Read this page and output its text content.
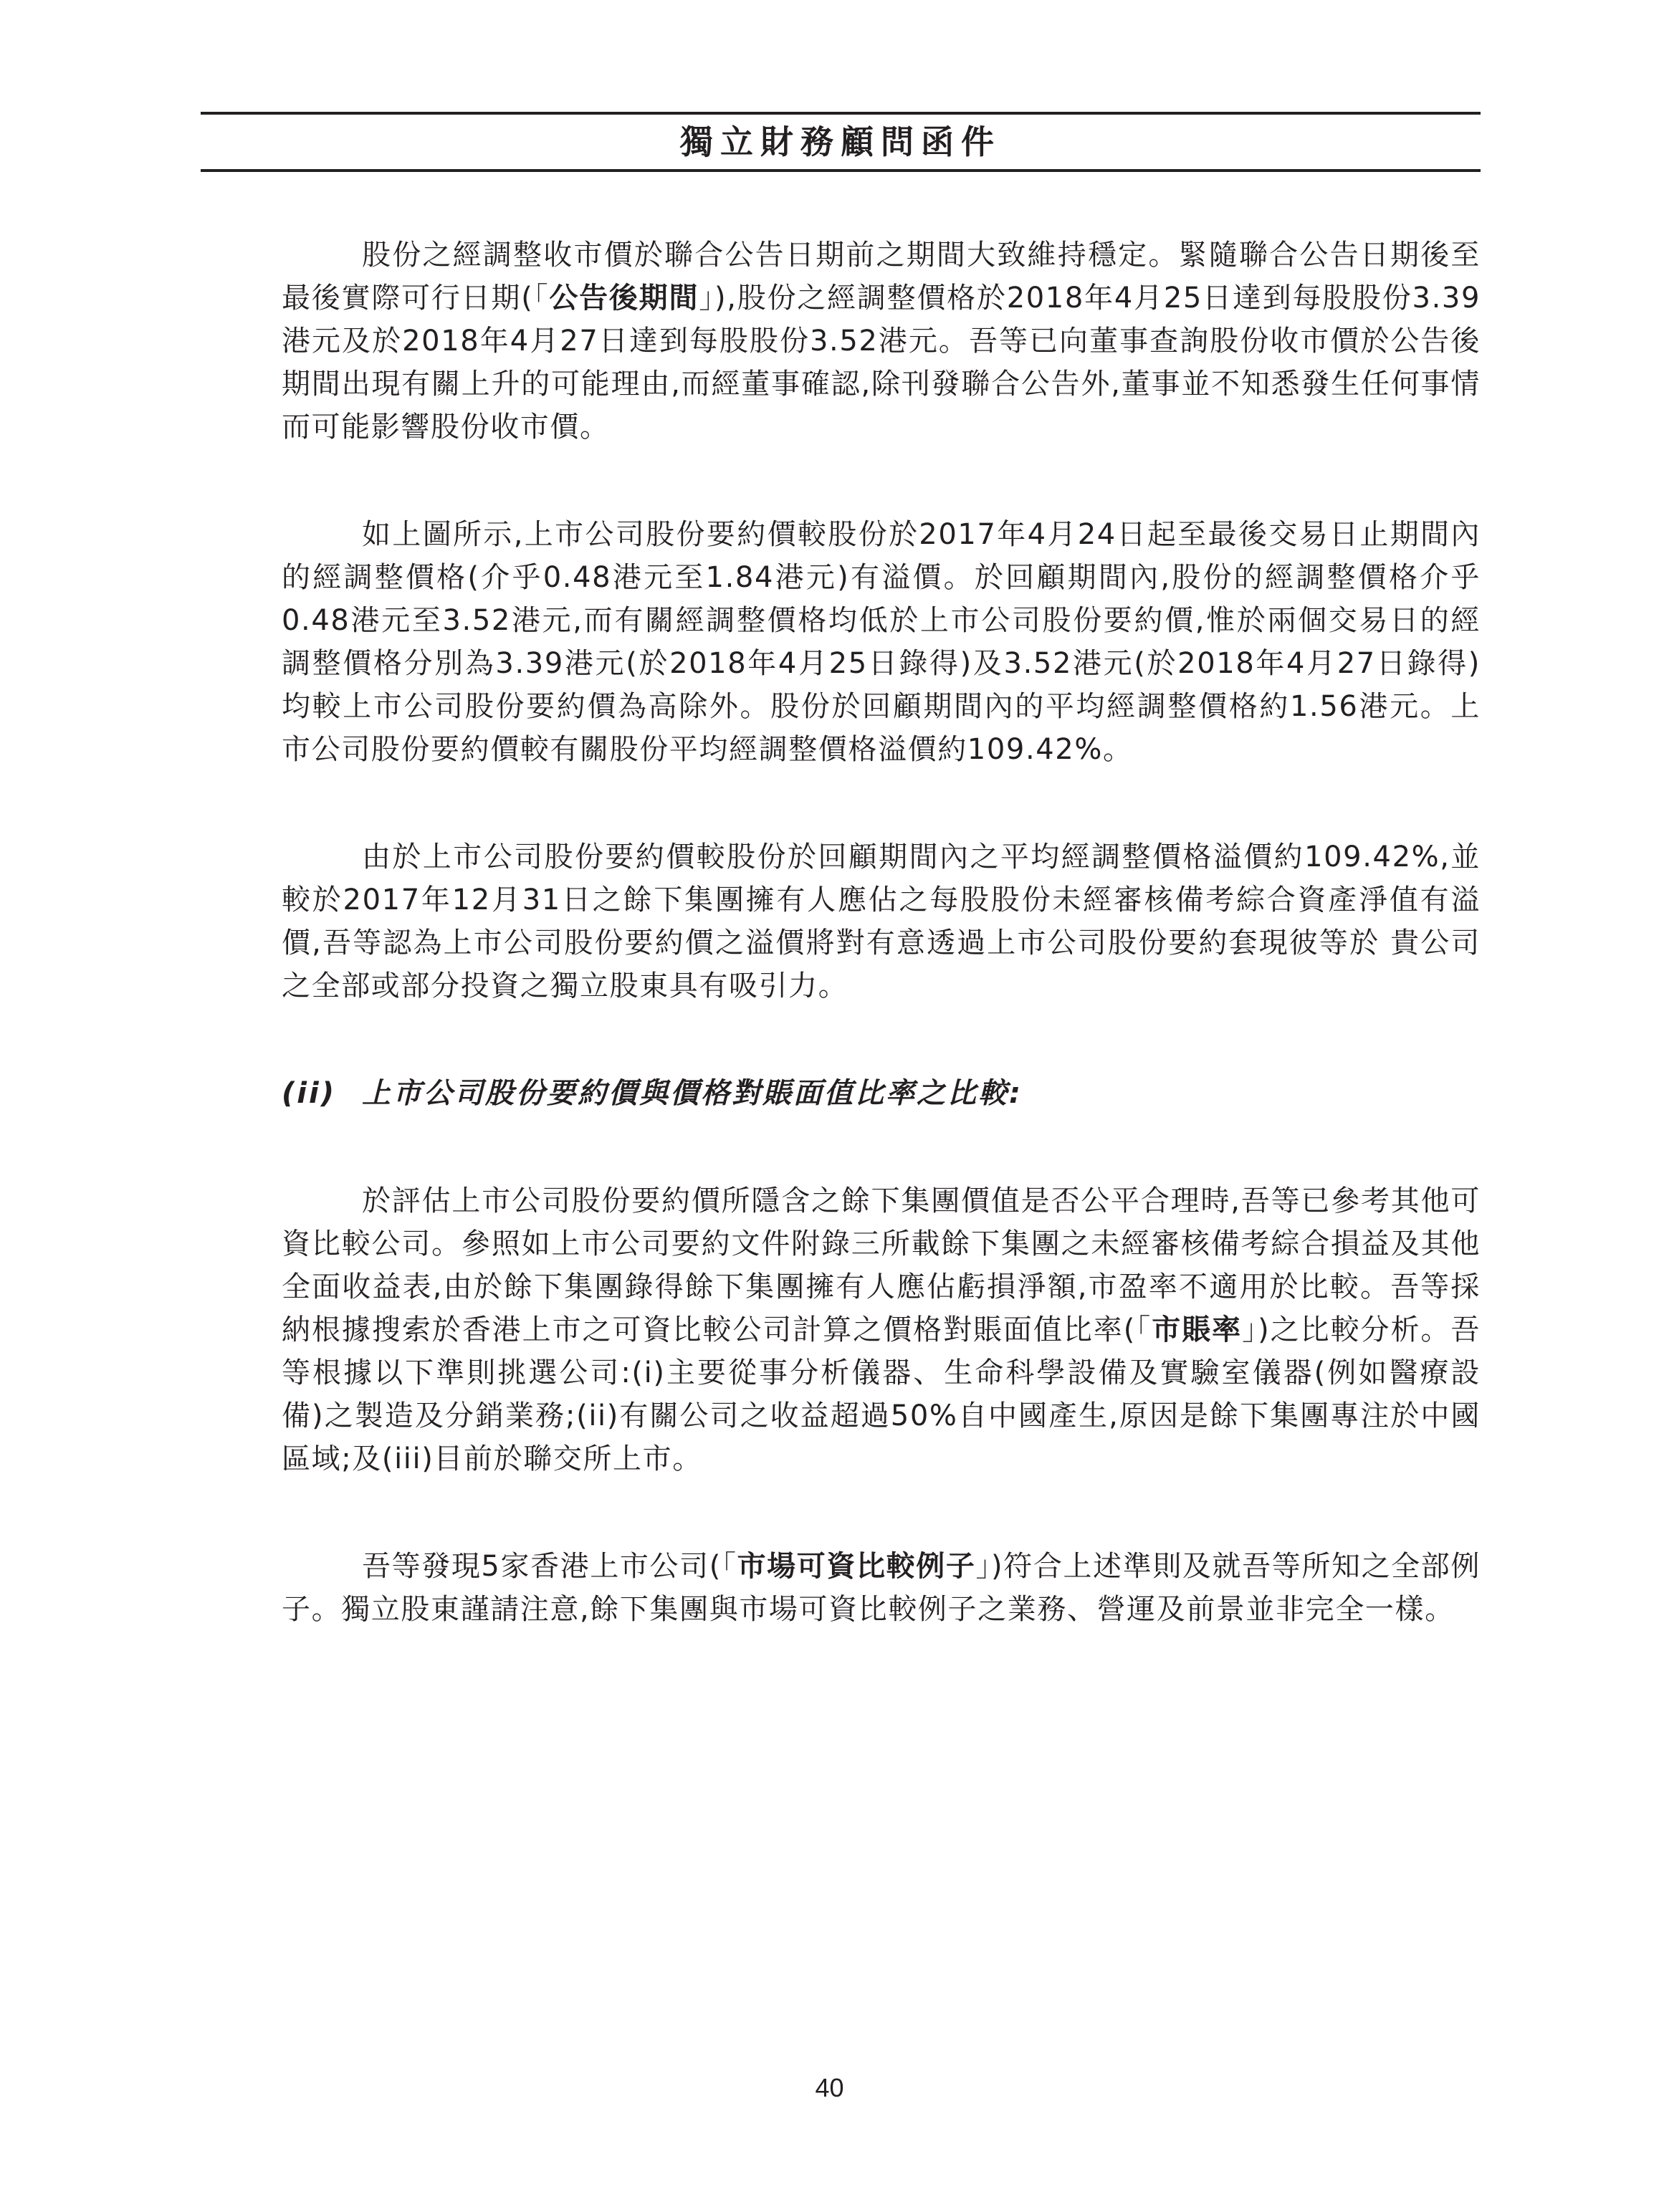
獨立財務顧問函件

股份之經調整收市價於聯合公告日期前之期間大致維持穩定。緊隨聯合公告日期後至最後實際可行日期(「公告後期間」),股份之經調整價格於2018年4月25日達到每股股份3.39港元及於2018年4月27日達到每股股份3.52港元。吾等已向董事查詢股份收市價於公告後期間出現有關上升的可能理由,而經董事確認,除刊發聯合公告外,董事並不知悉發生任何事情而可能影響股份收市價。

如上圖所示,上市公司股份要約價較股份於2017年4月24日起至最後交易日止期間內的經調整價格(介乎0.48港元至1.84港元)有溢價。於回顧期間內,股份的經調整價格介乎0.48港元至3.52港元,而有關經調整價格均低於上市公司股份要約價,惟於兩個交易日的經調整價格分別為3.39港元(於2018年4月25日錄得)及3.52港元(於2018年4月27日錄得)均較上市公司股份要約價為高除外。股份於回顧期間內的平均經調整價格約1.56港元。上市公司股份要約價較有關股份平均經調整價格溢價約109.42%。

由於上市公司股份要約價較股份於回顧期間內之平均經調整價格溢價約109.42%,並較於2017年12月31日之餘下集團擁有人應佔之每股股份未經審核備考綜合資產淨值有溢價,吾等認為上市公司股份要約價之溢價將對有意透過上市公司股份要約套現彼等於 貴公司之全部或部分投資之獨立股東具有吸引力。

(ii) 上市公司股份要約價與價格對賬面值比率之比較:

於評估上市公司股份要約價所隱含之餘下集團價值是否公平合理時,吾等已參考其他可資比較公司。參照如上市公司要約文件附錄三所載餘下集團之未經審核備考綜合損益及其他全面收益表,由於餘下集團錄得餘下集團擁有人應佔虧損淨額,市盈率不適用於比較。吾等採納根據搜索於香港上市之可資比較公司計算之價格對賬面值比率(「市賬率」)之比較分析。吾等根據以下準則挑選公司:(i)主要從事分析儀器、生命科學設備及實驗室儀器(例如醫療設備)之製造及分銷業務;(ii)有關公司之收益超過50%自中國產生,原因是餘下集團專注於中國區域;及(iii)目前於聯交所上市。

吾等發現5家香港上市公司(「市場可資比較例子」)符合上述準則及就吾等所知之全部例子。獨立股東謹請注意,餘下集團與市場可資比較例子之業務、營運及前景並非完全一樣。

40
